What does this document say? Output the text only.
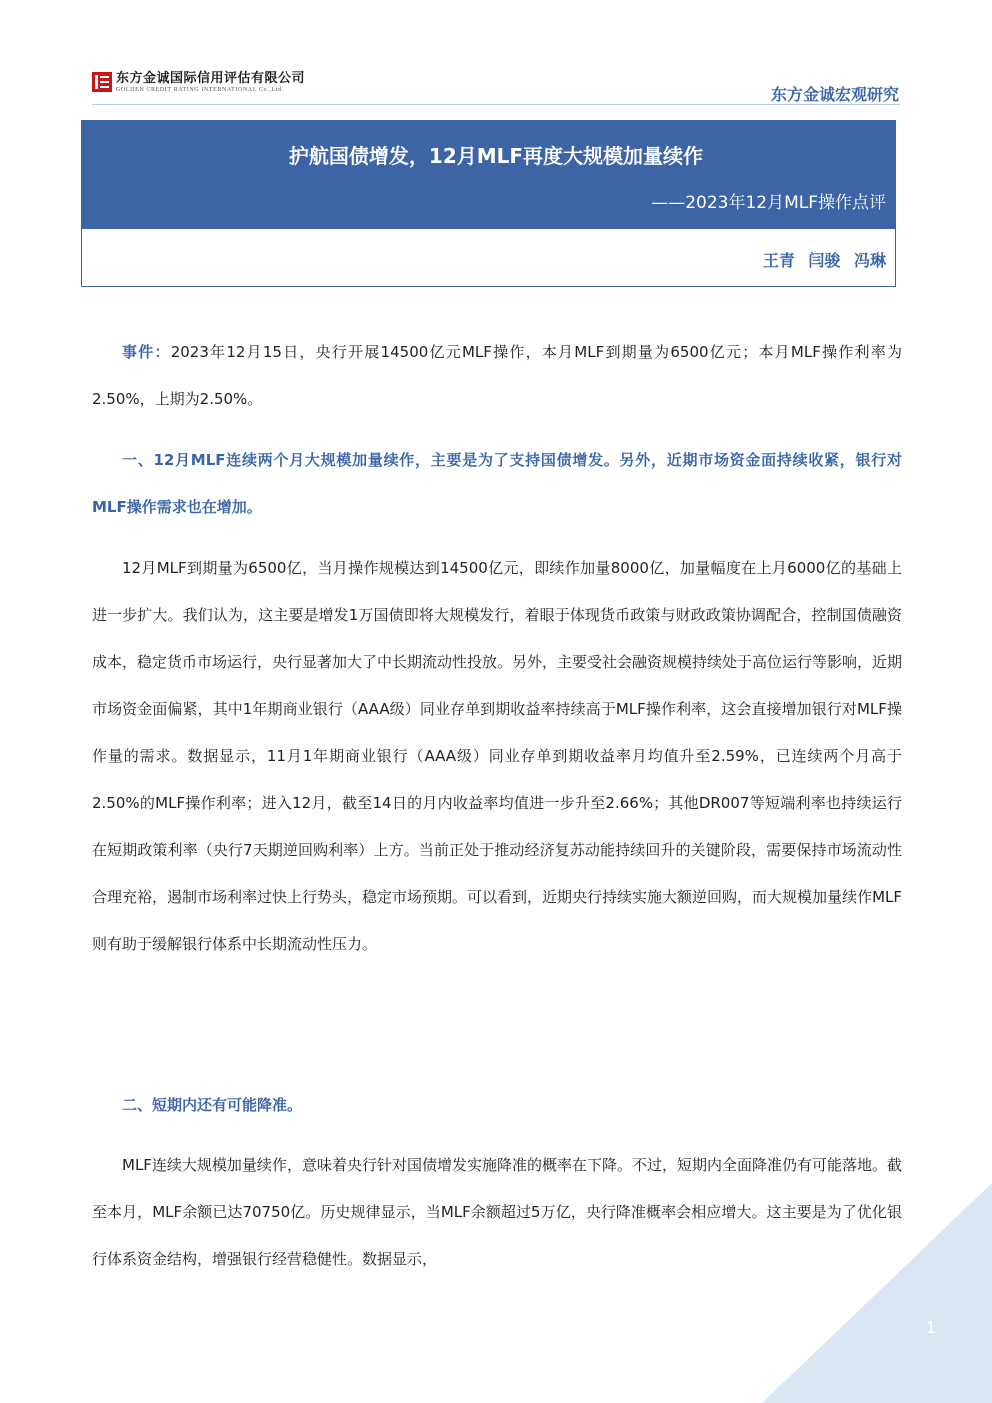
东方金诚国际信用评估有限公司
GOLDEN CREDIT RATING INTERNATIONAL Co.,Ltd.	东方金诚宏观研究
护航国债增发，12月MLF再度大规模加量续作
——2023年12月MLF操作点评
王青 闫骏 冯琳

事件：2023年12月15日，央行开展14500亿元MLF操作，本月MLF到期量为6500亿元；本月MLF操作利率为2.50%，上期为2.50%。

一、12月MLF连续两个月大规模加量续作，主要是为了支持国债增发。另外，近期市场资金面持续收紧，银行对MLF操作需求也在增加。

12月MLF到期量为6500亿，当月操作规模达到14500亿元，即续作加量8000亿，加量幅度在上月6000亿的基础上进一步扩大。我们认为，这主要是增发1万国债即将大规模发行，着眼于体现货币政策与财政政策协调配合，控制国债融资成本，稳定货币市场运行，央行显著加大了中长期流动性投放。另外，主要受社会融资规模持续处于高位运行等影响，近期市场资金面偏紧，其中1年期商业银行（AAA级）同业存单到期收益率持续高于MLF操作利率，这会直接增加银行对MLF操作量的需求。数据显示，11月1年期商业银行（AAA级）同业存单到期收益率月均值升至2.59%，已连续两个月高于2.50%的MLF操作利率；进入12月，截至14日的月内收益率均值进一步升至2.66%；其他DR007等短端利率也持续运行在短期政策利率（央行7天期逆回购利率）上方。当前正处于推动经济复苏动能持续回升的关键阶段，需要保持市场流动性合理充裕，遏制市场利率过快上行势头，稳定市场预期。可以看到，近期央行持续实施大额逆回购，而大规模加量续作MLF则有助于缓解银行体系中长期流动性压力。

二、短期内还有可能降准。

MLF连续大规模加量续作，意味着央行针对国债增发实施降准的概率在下降。不过，短期内全面降准仍有可能落地。截至本月，MLF余额已达70750亿。历史规律显示，当MLF余额超过5万亿，央行降准概率会相应增大。这主要是为了优化银行体系资金结构，增强银行经营稳健性。数据显示，

1
